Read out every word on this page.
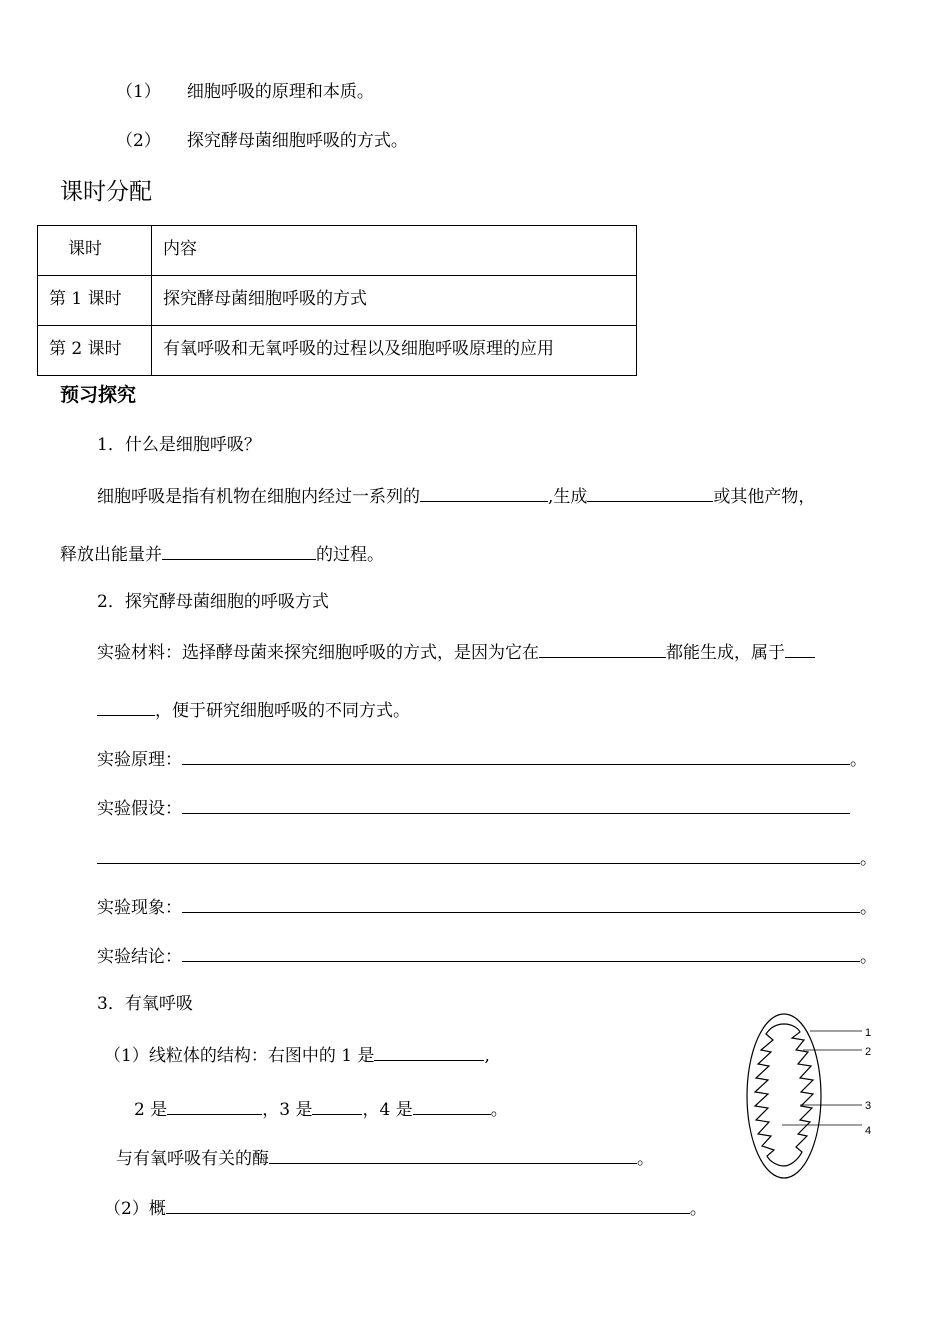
（1） 细胞呼吸的原理和本质。
（2） 探究酵母菌细胞呼吸的方式。
课时分配
课时	内容
第 1 课时	探究酵母菌细胞呼吸的方式
第 2 课时	有氧呼吸和无氧呼吸的过程以及细胞呼吸原理的应用
预习探究
1．什么是细胞呼吸？
细胞呼吸是指有机物在细胞内经过一系列的	,生成	或其他产物，
释放出能量并	的过程。
2．探究酵母菌细胞的呼吸方式
实验材料：选择酵母菌来探究细胞呼吸的方式，是因为它在	都能生成，属于
，便于研究细胞呼吸的不同方式。
实验原理：	。
实验假设：
。
实验现象：	。
实验结论：	。
3．有氧呼吸
（1）线粒体的结构：右图中的 1 是	,
2 是	，3 是	，4 是	。
与有氧呼吸有关的酶	。
（2）概	。
1
2
3
4
